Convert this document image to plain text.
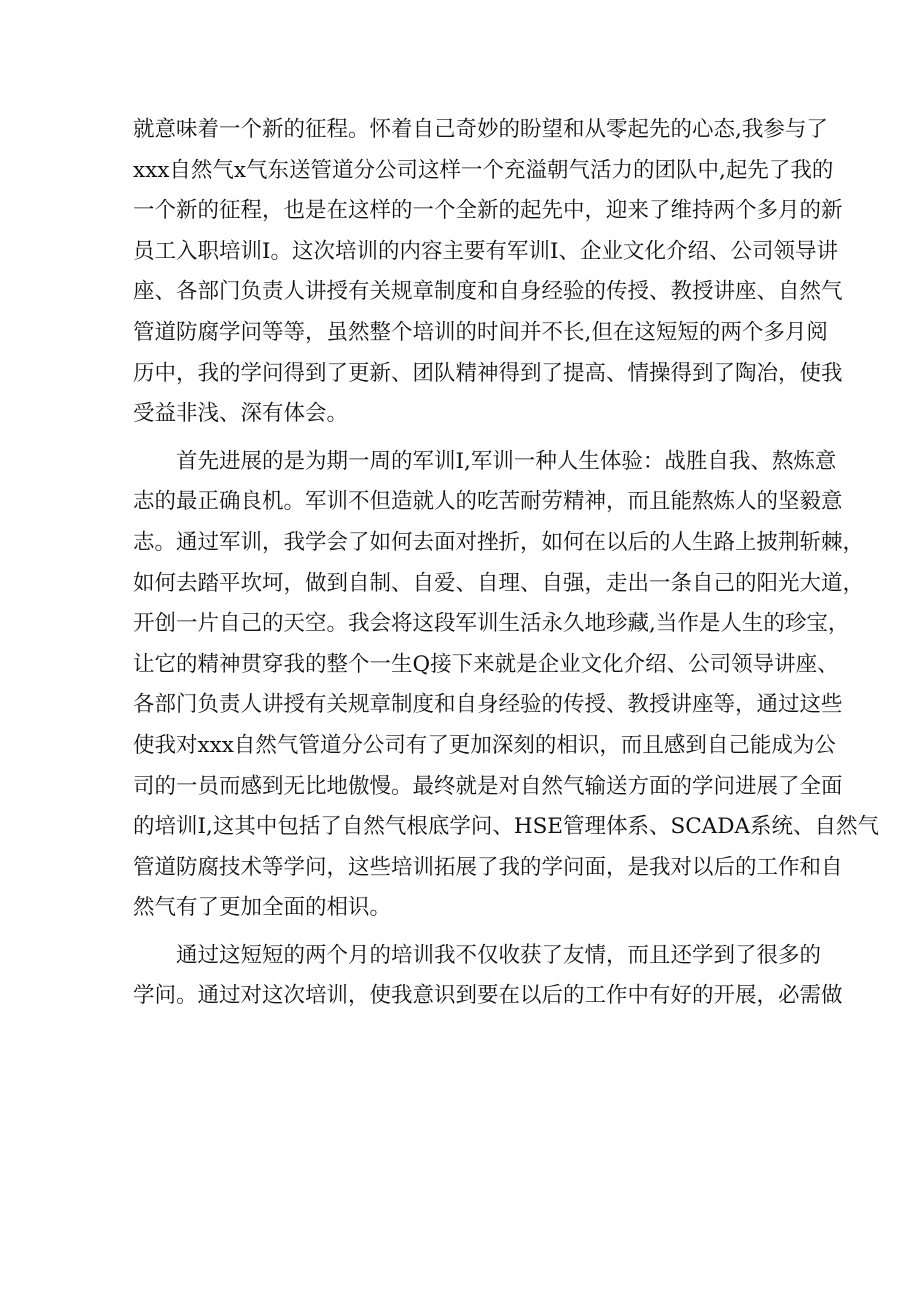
就意味着一个新的征程。怀着自己奇妙的盼望和从零起先的心态,我参与了
xxx自然气x气东送管道分公司这样一个充溢朝气活力的团队中,起先了我的
一个新的征程，也是在这样的一个全新的起先中，迎来了维持两个多月的新
员工入职培训I。这次培训的内容主要有军训I、企业文化介绍、公司领导讲
座、各部门负责人讲授有关规章制度和自身经验的传授、教授讲座、自然气
管道防腐学问等等，虽然整个培训的时间并不长,但在这短短的两个多月阅
历中，我的学问得到了更新、团队精神得到了提高、情操得到了陶冶，使我
受益非浅、深有体会。

首先进展的是为期一周的军训I,军训一种人生体验：战胜自我、熬炼意
志的最正确良机。军训不但造就人的吃苦耐劳精神，而且能熬炼人的坚毅意
志。通过军训，我学会了如何去面对挫折，如何在以后的人生路上披荆斩棘，
如何去踏平坎坷，做到自制、自爱、自理、自强，走出一条自己的阳光大道，
开创一片自己的天空。我会将这段军训生活永久地珍藏,当作是人生的珍宝，
让它的精神贯穿我的整个一生Q接下来就是企业文化介绍、公司领导讲座、
各部门负责人讲授有关规章制度和自身经验的传授、教授讲座等，通过这些
使我对xxx自然气管道分公司有了更加深刻的相识，而且感到自己能成为公
司的一员而感到无比地傲慢。最终就是对自然气输送方面的学问进展了全面
的培训I,这其中包括了自然气根底学问、HSE管理体系、SCADA系统、自然气
管道防腐技术等学问，这些培训拓展了我的学问面，是我对以后的工作和自
然气有了更加全面的相识。

通过这短短的两个月的培训我不仅收获了友情，而且还学到了很多的
学问。通过对这次培训，使我意识到要在以后的工作中有好的开展，必需做
